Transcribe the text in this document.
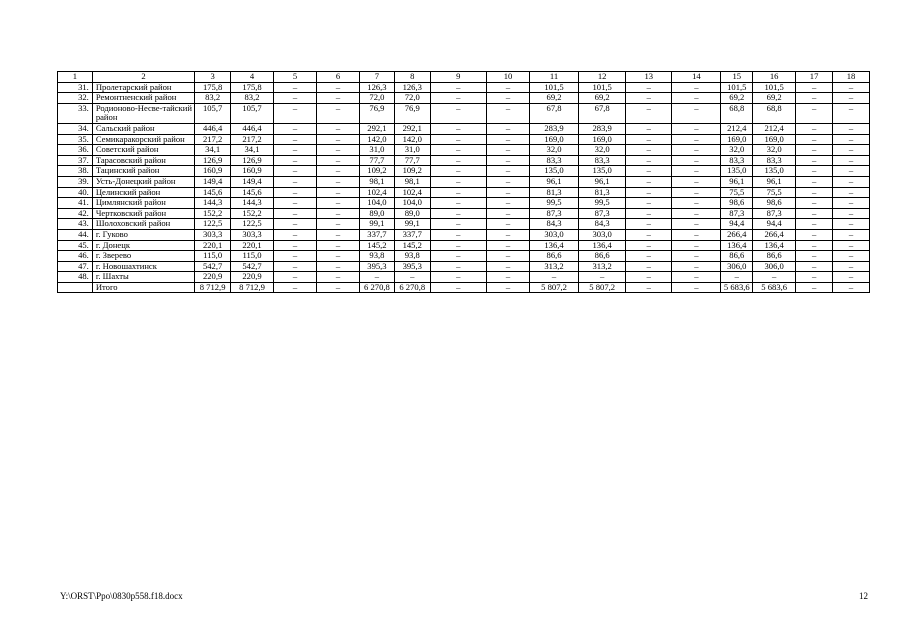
1	2	3	4	5	6	7	8	9	10	11	12	13	14	15	16	17	18
31.	Пролетарский район	175,8	175,8	–	–	126,3	126,3	–	–	101,5	101,5	–	–	101,5	101,5	–	–
32.	Ремонтненский район	83,2	83,2	–	–	72,0	72,0	–	–	69,2	69,2	–	–	69,2	69,2	–	–
33.	Родионово-Несве-тайский район	105,7	105,7	–	–	76,9	76,9	–	–	67,8	67,8	–	–	68,8	68,8	–	–
34.	Сальский район	446,4	446,4	–	–	292,1	292,1	–	–	283,9	283,9	–	–	212,4	212,4	–	–
35.	Семикаракорский район	217,2	217,2	–	–	142,0	142,0	–	–	169,0	169,0	–	–	169,0	169,0	–	–
36.	Советский район	34,1	34,1	–	–	31,0	31,0	–	–	32,0	32,0	–	–	32,0	32,0	–	–
37.	Тарасовский район	126,9	126,9	–	–	77,7	77,7	–	–	83,3	83,3	–	–	83,3	83,3	–	–
38.	Тацинский район	160,9	160,9	–	–	109,2	109,2	–	–	135,0	135,0	–	–	135,0	135,0	–	–
39.	Усть-Донецкий район	149,4	149,4	–	–	98,1	98,1	–	–	96,1	96,1	–	–	96,1	96,1	–	–
40.	Целинский район	145,6	145,6	–	–	102,4	102,4	–	–	81,3	81,3	–	–	75,5	75,5	–	–
41.	Цимлянский район	144,3	144,3	–	–	104,0	104,0	–	–	99,5	99,5	–	–	98,6	98,6	–	–
42.	Чертковский район	152,2	152,2	–	–	89,0	89,0	–	–	87,3	87,3	–	–	87,3	87,3	–	–
43.	Шолоховский район	122,5	122,5	–	–	99,1	99,1	–	–	84,3	84,3	–	–	94,4	94,4	–	–
44.	г. Гуково	303,3	303,3	–	–	337,7	337,7	–	–	303,0	303,0	–	–	266,4	266,4	–	–
45.	г. Донецк	220,1	220,1	–	–	145,2	145,2	–	–	136,4	136,4	–	–	136,4	136,4	–	–
46.	г. Зверево	115,0	115,0	–	–	93,8	93,8	–	–	86,6	86,6	–	–	86,6	86,6	–	–
47.	г. Новошахтинск	542,7	542,7	–	–	395,3	395,3	–	–	313,2	313,2	–	–	306,0	306,0	–	–
48.	г. Шахты	220,9	220,9	–	–	–	–	–	–	–	–	–	–	–	–	–	–
	Итого	8 712,9	8 712,9	–	–	6 270,8	6 270,8	–	–	5 807,2	5 807,2	–	–	5 683,6	5 683,6	–	–
Y:\ORST\Ppo\0830p558.f18.docx	12
